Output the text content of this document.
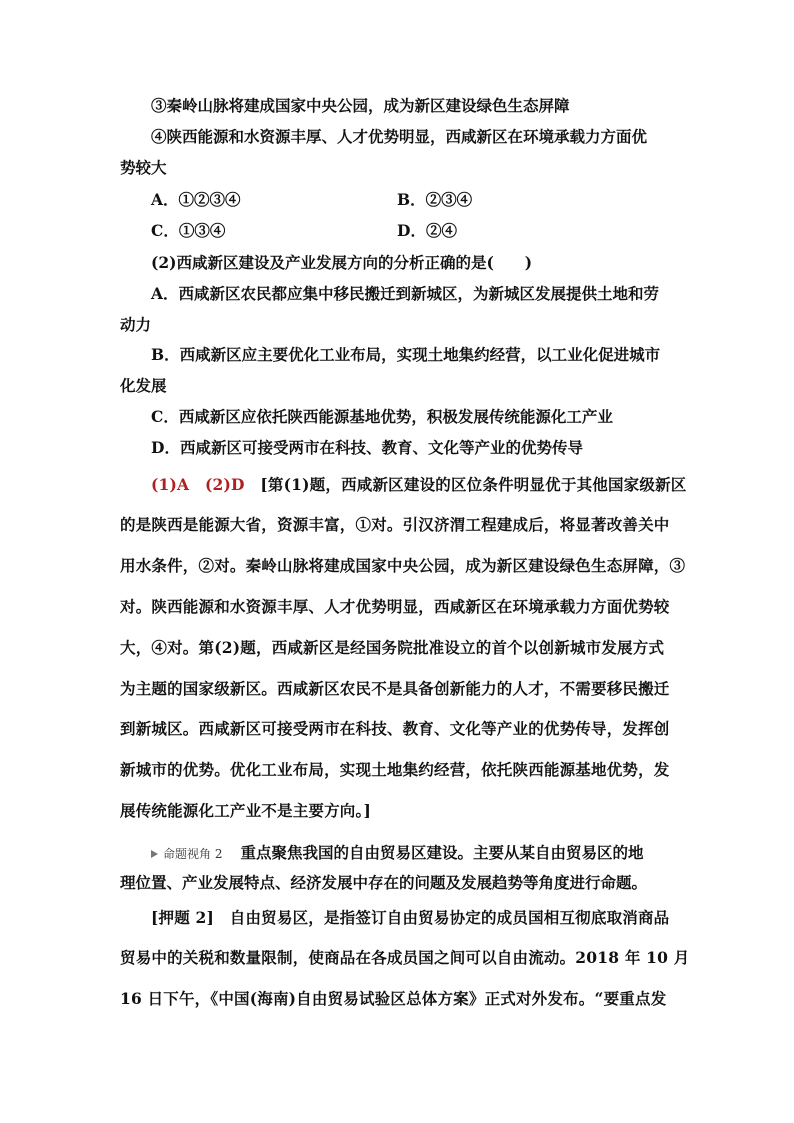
③秦岭山脉将建成国家中央公园，成为新区建设绿色生态屏障
④陕西能源和水资源丰厚、人才优势明显，西咸新区在环境承载力方面优
势较大
A．①②③④	B．②③④
C．①③④	D．②④
(2)西咸新区建设及产业发展方向的分析正确的是(　　)
A．西咸新区农民都应集中移民搬迁到新城区，为新城区发展提供土地和劳
动力
B．西咸新区应主要优化工业布局，实现土地集约经营，以工业化促进城市
化发展
C．西咸新区应依托陕西能源基地优势，积极发展传统能源化工产业
D．西咸新区可接受两市在科技、教育、文化等产业的优势传导
(1)A　(2)D　 [第(1)题，西咸新区建设的区位条件明显优于其他国家级新区
的是陕西是能源大省，资源丰富，①对。引汉济渭工程建成后，将显著改善关中
用水条件，②对。秦岭山脉将建成国家中央公园，成为新区建设绿色生态屏障，③
对。陕西能源和水资源丰厚、人才优势明显，西咸新区在环境承载力方面优势较
大，④对。第(2)题，西咸新区是经国务院批准设立的首个以创新城市发展方式
为主题的国家级新区。西咸新区农民不是具备创新能力的人才，不需要移民搬迁
到新城区。西咸新区可接受两市在科技、教育、文化等产业的优势传导，发挥创
新城市的优势。优化工业布局，实现土地集约经营，依托陕西能源基地优势，发
展传统能源化工产业不是主要方向。]
命题视角 2 重点聚焦我国的自由贸易区建设。主要从某自由贸易区的地
理位置、产业发展特点、经济发展中存在的问题及发展趋势等角度进行命题。
[押题 2]　 自由贸易区，是指签订自由贸易协定的成员国相互彻底取消商品
贸易中的关税和数量限制，使商品在各成员国之间可以自由流动。2018 年 10 月
16 日下午，《中国(海南)自由贸易试验区总体方案》正式对外发布。“要重点发
